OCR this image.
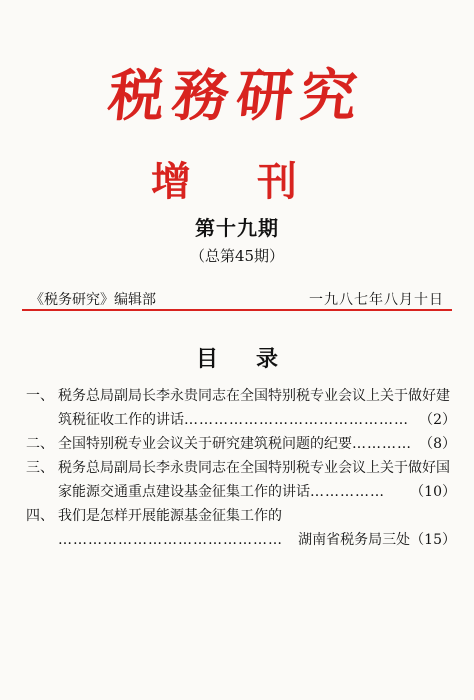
税務研究
增 刊
第十九期
（总第45期）
《税务研究》编辑部	一九八七年八月十日
目录
一、 税务总局副局长李永贵同志在全国特别税专业会议上关于做好建
筑税征收工作的讲话……………………………………… （2）
二、 全国特别税专业会议关于研究建筑税问题的纪要………… （8）
三、 税务总局副局长李永贵同志在全国特别税专业会议上关于做好国
家能源交通重点建设基金征集工作的讲话…………… （10）
四、 我们是怎样开展能源基金征集工作的
……………………………………… 湖南省税务局三处（15）
